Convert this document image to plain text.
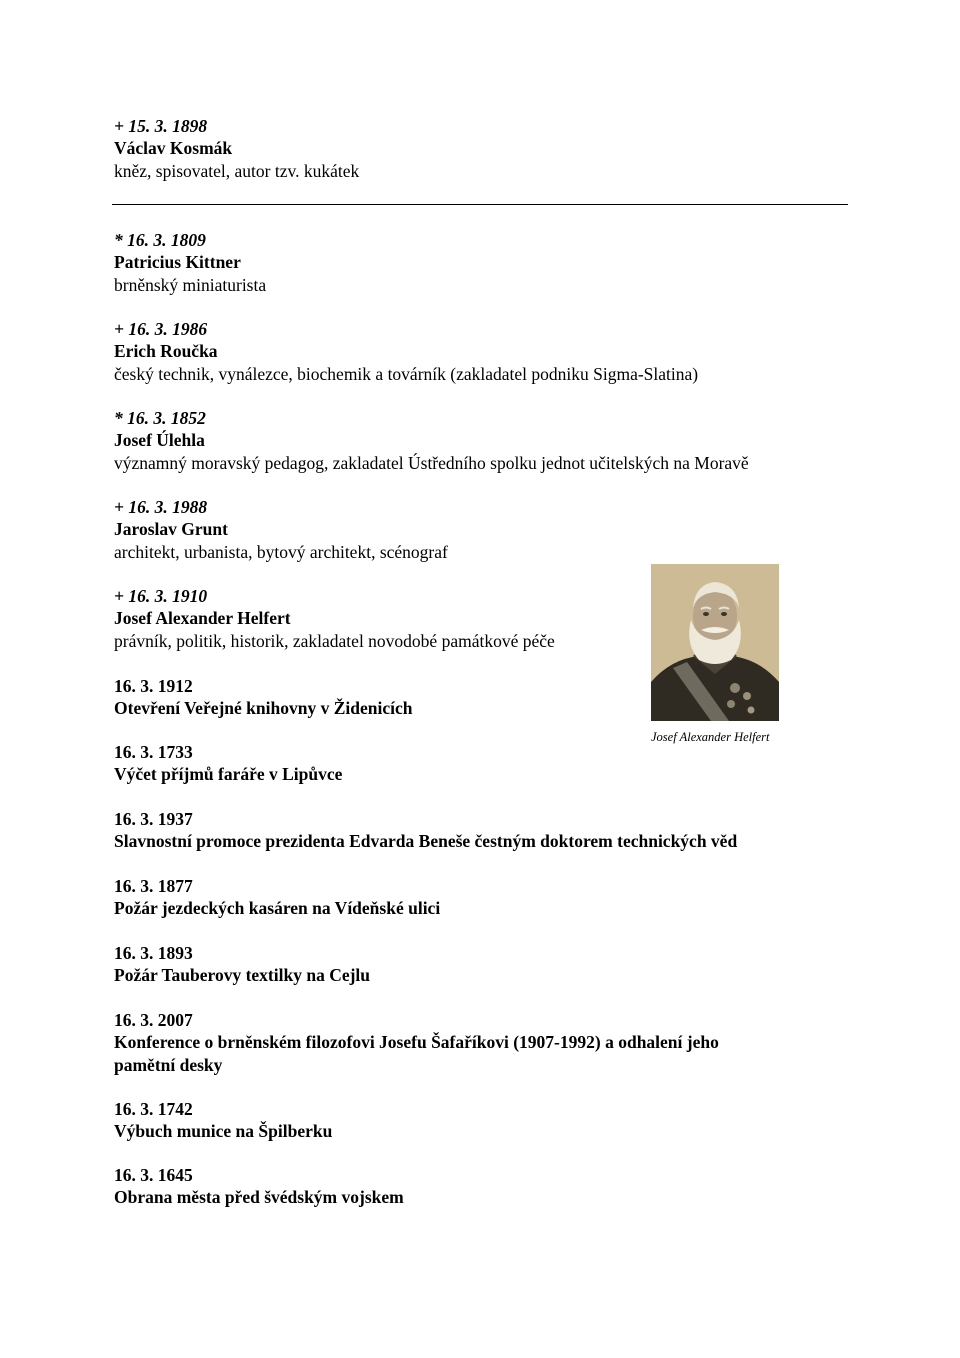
+ 15. 3. 1898
Václav Kosmák
kněz, spisovatel, autor tzv. kukátek
* 16. 3. 1809
Patricius Kittner
brněnský miniaturista
+ 16. 3. 1986
Erich Roučka
český technik, vynálezce, biochemik a továrník (zakladatel podniku Sigma-Slatina)
* 16. 3. 1852
Josef Úlehla
významný moravský pedagog, zakladatel Ústředního spolku jednot učitelských na Moravě
+ 16. 3. 1988
Jaroslav Grunt
architekt, urbanista, bytový architekt, scénograf
+ 16. 3. 1910
Josef Alexander Helfert
právník, politik, historik, zakladatel novodobé památkové péče
Josef Alexander Helfert
16. 3. 1912
Otevření Veřejné knihovny v Židenicích
16. 3. 1733
Výčet příjmů faráře v Lipůvce
16. 3. 1937
Slavnostní promoce prezidenta Edvarda Beneše čestným doktorem technických věd
16. 3. 1877
Požár jezdeckých kasáren na Vídeňské ulici
16. 3. 1893
Požár Tauberovy textilky na Cejlu
16. 3. 2007
Konference o brněnském filozofovi Josefu Šafaříkovi (1907-1992) a odhalení jeho
pamětní desky
16. 3. 1742
Výbuch munice na Špilberku
16. 3. 1645
Obrana města před švédským vojskem
